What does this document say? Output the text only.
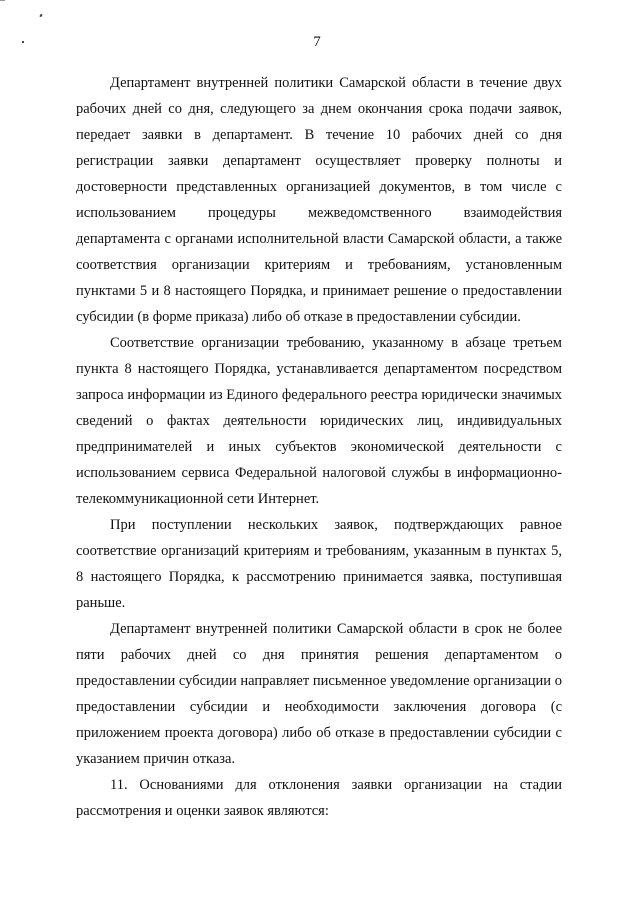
7

Департамент внутренней политики Самарской области в течение двух рабочих дней со дня, следующего за днем окончания срока подачи заявок, передает заявки в департамент. В течение 10 рабочих дней со дня регистрации заявки департамент осуществляет проверку полноты и достоверности представленных организацией документов, в том числе с использованием процедуры межведомственного взаимодействия департамента с органами исполнительной власти Самарской области, а также соответствия организации критериям и требованиям, установленным пунктами 5 и 8 настоящего Порядка, и принимает решение о предоставлении субсидии (в форме приказа) либо об отказе в предоставлении субсидии.

Соответствие организации требованию, указанному в абзаце третьем пункта 8 настоящего Порядка, устанавливается департаментом посредством запроса информации из Единого федерального реестра юридически значимых сведений о фактах деятельности юридических лиц, индивидуальных предпринимателей и иных субъектов экономической деятельности с использованием сервиса Федеральной налоговой службы в информационно-телекоммуникационной сети Интернет.

При поступлении нескольких заявок, подтверждающих равное соответствие организаций критериям и требованиям, указанным в пунктах 5, 8 настоящего Порядка, к рассмотрению принимается заявка, поступившая раньше.

Департамент внутренней политики Самарской области в срок не более пяти рабочих дней со дня принятия решения департаментом о предоставлении субсидии направляет письменное уведомление организации о предоставлении субсидии и необходимости заключения договора (с приложением проекта договора) либо об отказе в предоставлении субсидии с указанием причин отказа.

11. Основаниями для отклонения заявки организации на стадии рассмотрения и оценки заявок являются:
